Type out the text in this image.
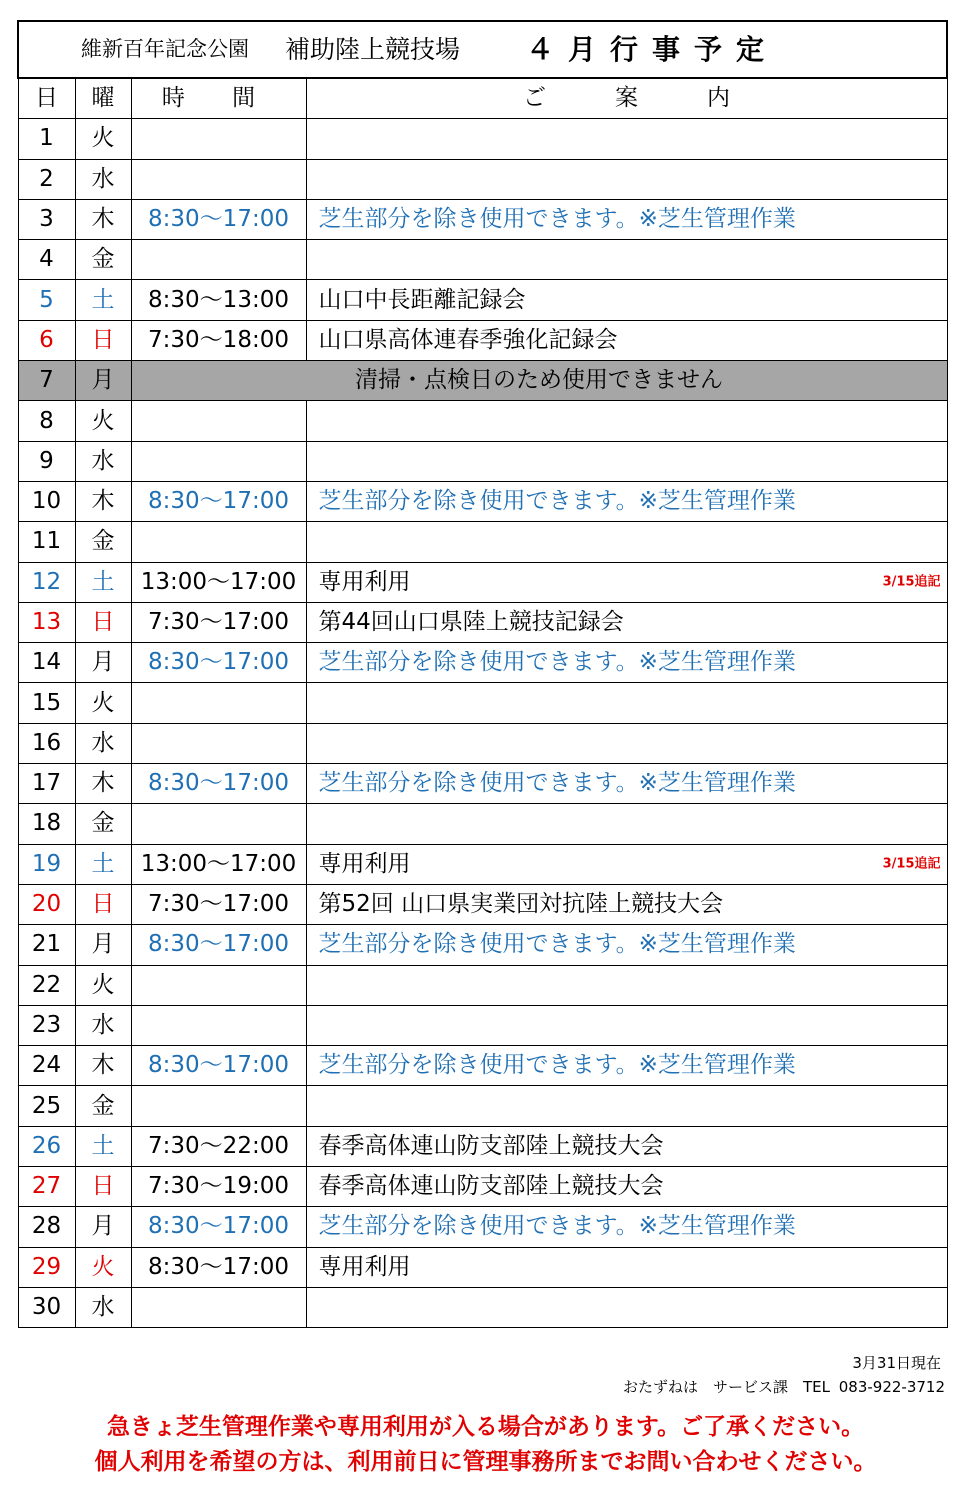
維新百年記念公園 補助陸上競技場 ４月行事予定			

日	曜	時 間	ご　　　案　　　内
1	火		
2	水		
3	木	8:30～17:00	芝生部分を除き使用できます。※芝生管理作業
4	金		
5	土	8:30～13:00	山口中長距離記録会
6	日	7:30～18:00	山口県高体連春季強化記録会
7	月	清掃・点検日のため使用できません	
8	火		
9	水		
10	木	8:30～17:00	芝生部分を除き使用できます。※芝生管理作業
11	金		
12	土	13:00～17:00	専用利用 3/15追記

13	日	7:30～17:00	第44回山口県陸上競技記録会
14	月	8:30～17:00	芝生部分を除き使用できます。※芝生管理作業
15	火		
16	水		
17	木	8:30～17:00	芝生部分を除き使用できます。※芝生管理作業
18	金		
19	土	13:00～17:00	専用利用 3/15追記

20	日	7:30～17:00	第52回 山口県実業団対抗陸上競技大会
21	月	8:30～17:00	芝生部分を除き使用できます。※芝生管理作業
22	火		
23	水		
24	木	8:30～17:00	芝生部分を除き使用できます。※芝生管理作業
25	金		
26	土	7:30～22:00	春季高体連山防支部陸上競技大会
27	日	7:30～19:00	春季高体連山防支部陸上競技大会
28	月	8:30～17:00	芝生部分を除き使用できます。※芝生管理作業
29	火	8:30～17:00	専用利用
30	水		
3月31日現在
おたずねは　サービス課　TEL 083-922-3712
急きょ芝生管理作業や専用利用が入る場合があります。ご了承ください。
個人利用を希望の方は、利用前日に管理事務所までお問い合わせください。
